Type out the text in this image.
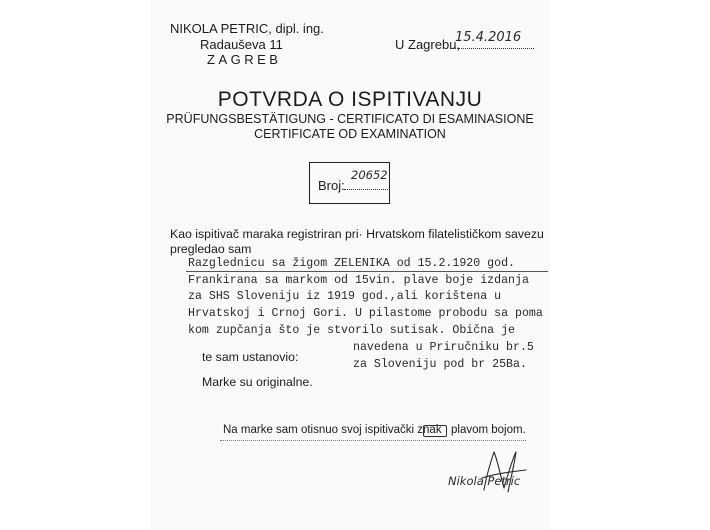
NIKOLA PETRIC, dipl. ing.
Radauševa 11
ZAGREB
U Zagrebu,
15.4.2016
POTVRDA O ISPITIVANJU
PRÜFUNGSBESTÄTIGUNG - CERTIFICATO DI ESAMINASIONE
CERTIFICATE OD EXAMINATION
Broj:
20652
Kao ispitivač maraka registriran pri· Hrvatskom filatelističkom savezu
pregledao sam
Razglednicu sa žigom ZELENIKA od 15.2.1920 god.
Frankirana sa markom od 15vin. plave boje izdanja
za SHS Sloveniju iz 1919 god.,ali korištena u
Hrvatskoj i Crnoj Gori. U pilastome probodu sa poma
kom zupčanja što je stvorilo sutisak. Obična je
te sam ustanovio:
navedena u Priručniku br.5
za Sloveniju pod br 25Ba.
Marke su originalne.
Na marke sam otisnuo svoj ispitivački znak plavom bojom.
Nikola Petric
